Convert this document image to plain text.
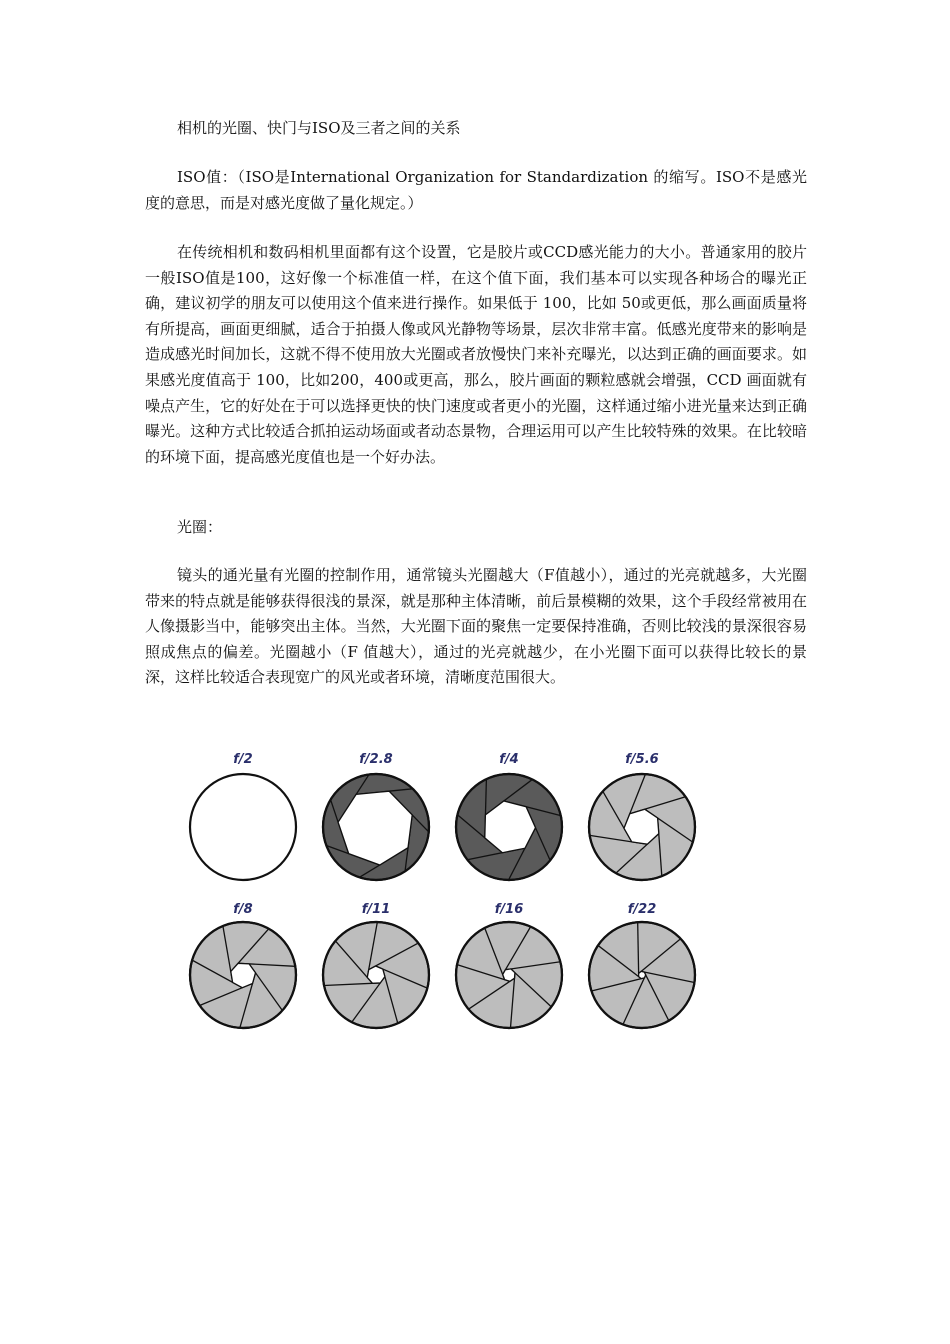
相机的光圈、快门与ISO及三者之间的关系

ISO值：（ISO是International Organization for Standardization 的缩写。ISO不是感光度的意思，而是对感光度做了量化规定。）

在传统相机和数码相机里面都有这个设置，它是胶片或CCD感光能力的大小。普通家用的胶片一般ISO值是100，这好像一个标准值一样，在这个值下面，我们基本可以实现各种场合的曝光正确，建议初学的朋友可以使用这个值来进行操作。如果低于 100，比如 50或更低，那么画面质量将有所提高，画面更细腻，适合于拍摄人像或风光静物等场景，层次非常丰富。低感光度带来的影响是造成感光时间加长，这就不得不使用放大光圈或者放慢快门来补充曝光，以达到正确的画面要求。如果感光度值高于 100，比如200，400或更高，那么，胶片画面的颗粒感就会增强，CCD 画面就有噪点产生，它的好处在于可以选择更快的快门速度或者更小的光圈，这样通过缩小进光量来达到正确曝光。这种方式比较适合抓拍运动场面或者动态景物，合理运用可以产生比较特殊的效果。在比较暗的环境下面，提高感光度值也是一个好办法。

光圈：

镜头的通光量有光圈的控制作用，通常镜头光圈越大（F值越小），通过的光亮就越多，大光圈带来的特点就是能够获得很浅的景深，就是那种主体清晰，前后景模糊的效果，这个手段经常被用在人像摄影当中，能够突出主体。当然，大光圈下面的聚焦一定要保持准确，否则比较浅的景深很容易照成焦点的偏差。光圈越小（F 值越大），通过的光亮就越少，在小光圈下面可以获得比较长的景深，这样比较适合表现宽广的风光或者环境，清晰度范围很大。

f/2	f/2.8	f/4	f/5.6
f/8	f/11	f/16	f/22
